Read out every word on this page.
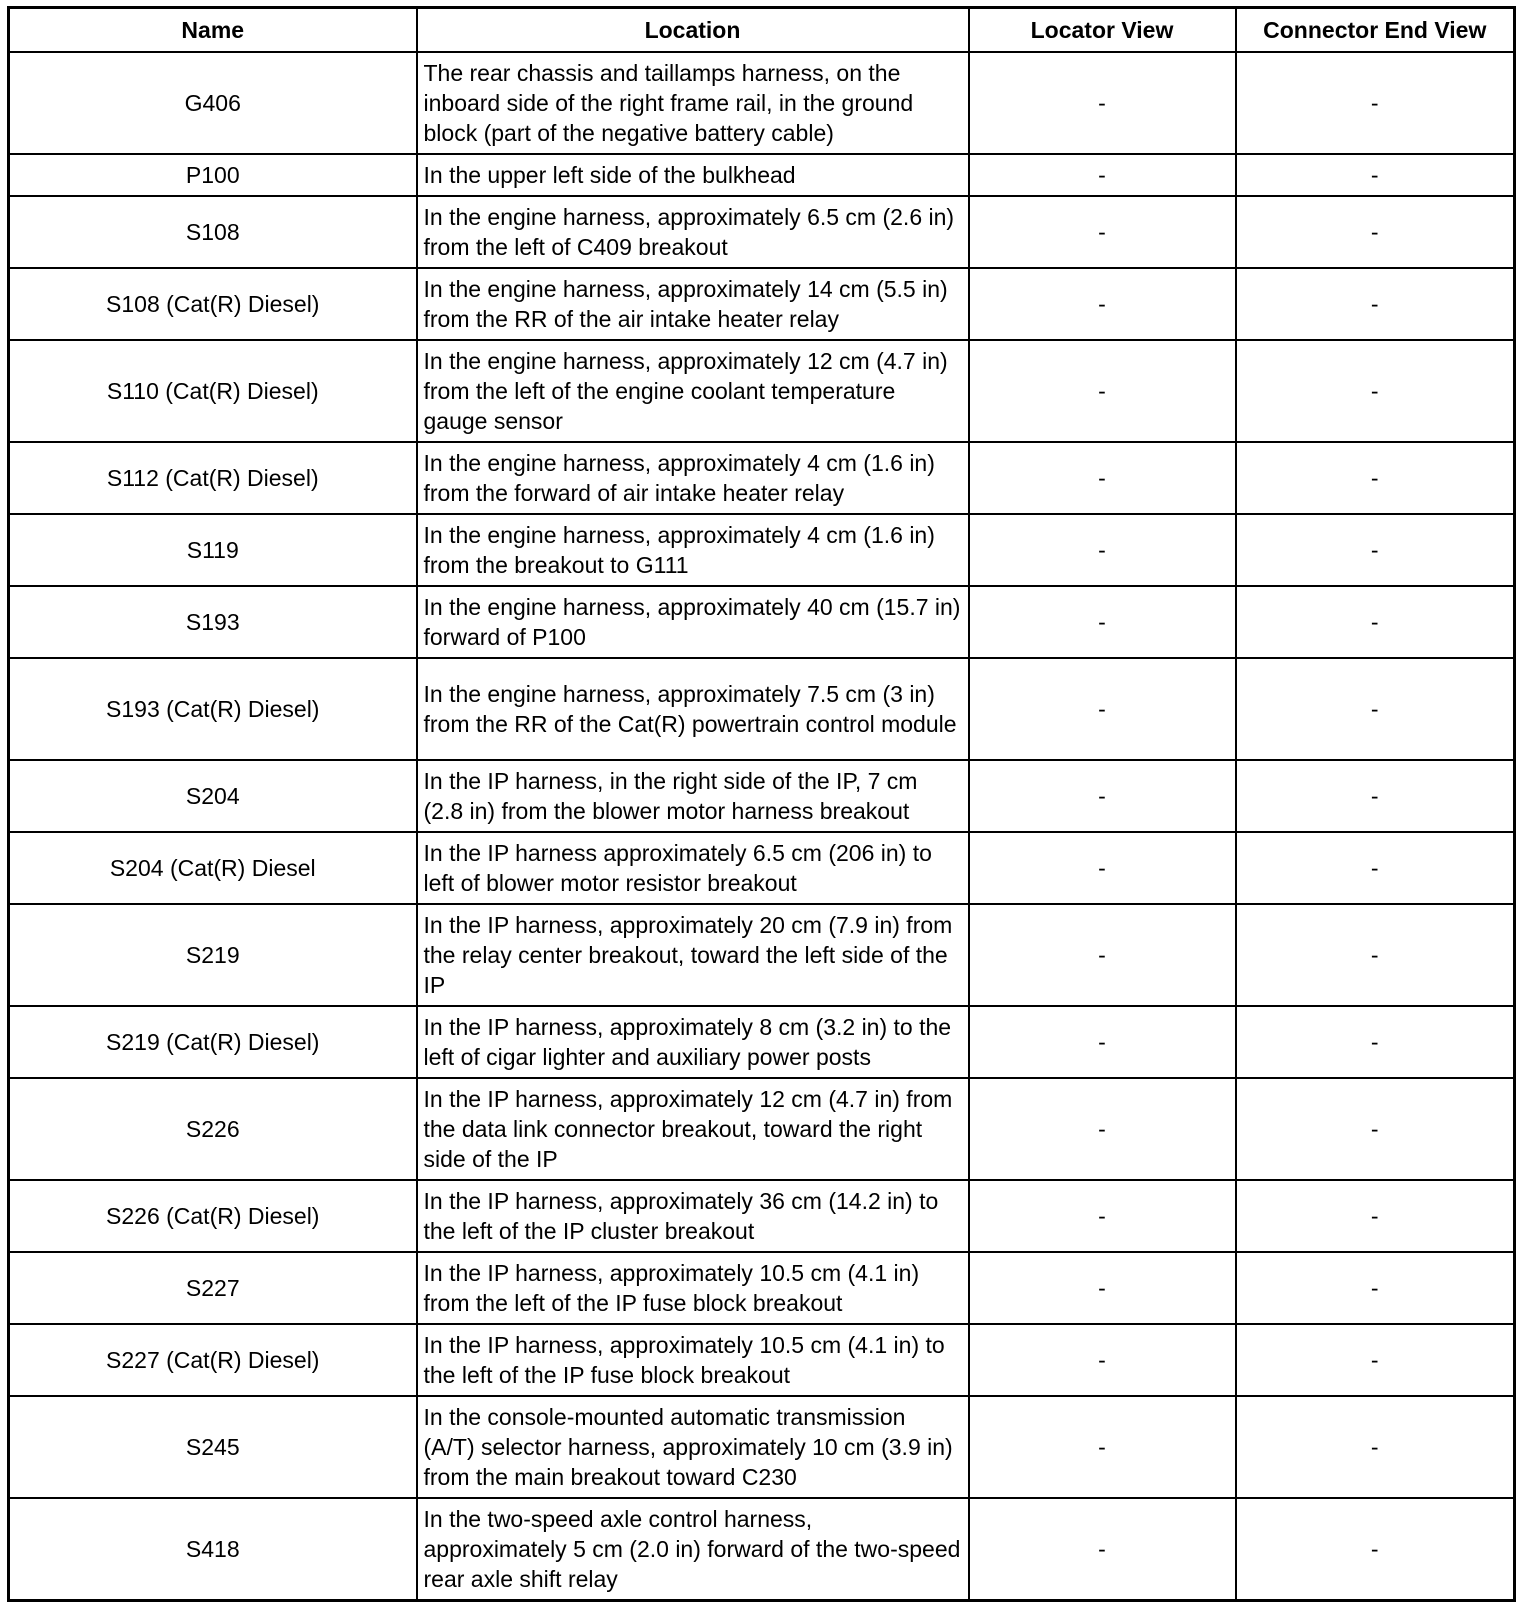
Name	Location	Locator View	Connector End View
G406	The rear chassis and taillamps harness, on the inboard side of the right frame rail, in the ground block (part of the negative battery cable)	-	-
P100	In the upper left side of the bulkhead	-	-
S108	In the engine harness, approximately 6.5 cm (2.6 in) from the left of C409 breakout	-	-
S108 (Cat(R) Diesel)	In the engine harness, approximately 14 cm (5.5 in) from the RR of the air intake heater relay	-	-
S110 (Cat(R) Diesel)	In the engine harness, approximately 12 cm (4.7 in) from the left of the engine coolant temperature gauge sensor	-	-
S112 (Cat(R) Diesel)	In the engine harness, approximately 4 cm (1.6 in) from the forward of air intake heater relay	-	-
S119	In the engine harness, approximately 4 cm (1.6 in) from the breakout to G111	-	-
S193	In the engine harness, approximately 40 cm (15.7 in) forward of P100	-	-
S193 (Cat(R) Diesel)	In the engine harness, approximately 7.5 cm (3 in) from the RR of the Cat(R) powertrain control module	-	-
S204	In the IP harness, in the right side of the IP, 7 cm (2.8 in) from the blower motor harness breakout	-	-
S204 (Cat(R) Diesel	In the IP harness approximately 6.5 cm (206 in) to left of blower motor resistor breakout	-	-
S219	In the IP harness, approximately 20 cm (7.9 in) from the relay center breakout, toward the left side of the IP	-	-
S219 (Cat(R) Diesel)	In the IP harness, approximately 8 cm (3.2 in) to the left of cigar lighter and auxiliary power posts	-	-
S226	In the IP harness, approximately 12 cm (4.7 in) from the data link connector breakout, toward the right side of the IP	-	-
S226 (Cat(R) Diesel)	In the IP harness, approximately 36 cm (14.2 in) to the left of the IP cluster breakout	-	-
S227	In the IP harness, approximately 10.5 cm (4.1 in) from the left of the IP fuse block breakout	-	-
S227 (Cat(R) Diesel)	In the IP harness, approximately 10.5 cm (4.1 in) to the left of the IP fuse block breakout	-	-
S245	In the console-mounted automatic transmission (A/T) selector harness, approximately 10 cm (3.9 in) from the main breakout toward C230	-	-
S418	In the two-speed axle control harness, approximately 5 cm (2.0 in) forward of the two-speed rear axle shift relay	-	-
